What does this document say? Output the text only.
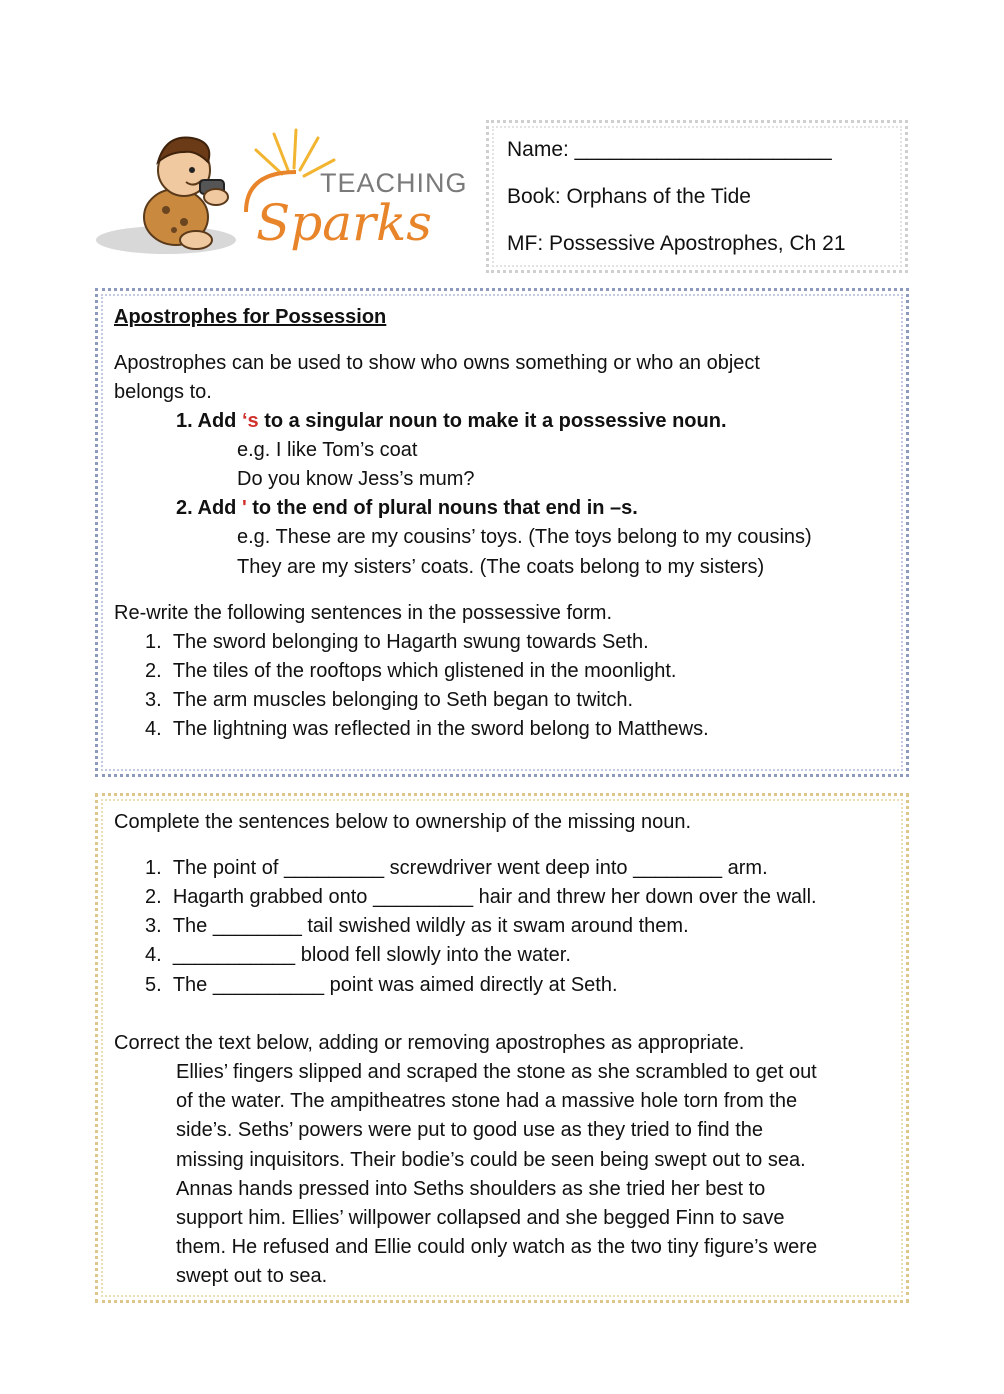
TEACHING
Sparks
Name: ______________________
Book: Orphans of the Tide
MF: Possessive Apostrophes, Ch 21
Apostrophes for Possession
Apostrophes can be used to show who owns something or who an object
belongs to.
1. Add ‘s to a singular noun to make it a possessive noun.
e.g. I like Tom’s coat
Do you know Jess’s mum?
2. Add ' to the end of plural nouns that end in –s.
e.g. These are my cousins’ toys. (The toys belong to my cousins)
They are my sisters’ coats. (The coats belong to my sisters)
Re-write the following sentences in the possessive form.
1. The sword belonging to Hagarth swung towards Seth.
2. The tiles of the rooftops which glistened in the moonlight.
3. The arm muscles belonging to Seth began to twitch.
4. The lightning was reflected in the sword belong to Matthews.
Complete the sentences below to ownership of the missing noun.
1. The point of _________ screwdriver went deep into ________ arm.
2. Hagarth grabbed onto _________ hair and threw her down over the wall.
3. The ________ tail swished wildly as it swam around them.
4. ___________ blood fell slowly into the water.
5. The __________ point was aimed directly at Seth.
Correct the text below, adding or removing apostrophes as appropriate.
Ellies’ fingers slipped and scraped the stone as she scrambled to get out
of the water. The ampitheatres stone had a massive hole torn from the
side’s. Seths’ powers were put to good use as they tried to find the
missing inquisitors. Their bodie’s could be seen being swept out to sea.
Annas hands pressed into Seths shoulders as she tried her best to
support him. Ellies’ willpower collapsed and she begged Finn to save
them. He refused and Ellie could only watch as the two tiny figure’s were
swept out to sea.
